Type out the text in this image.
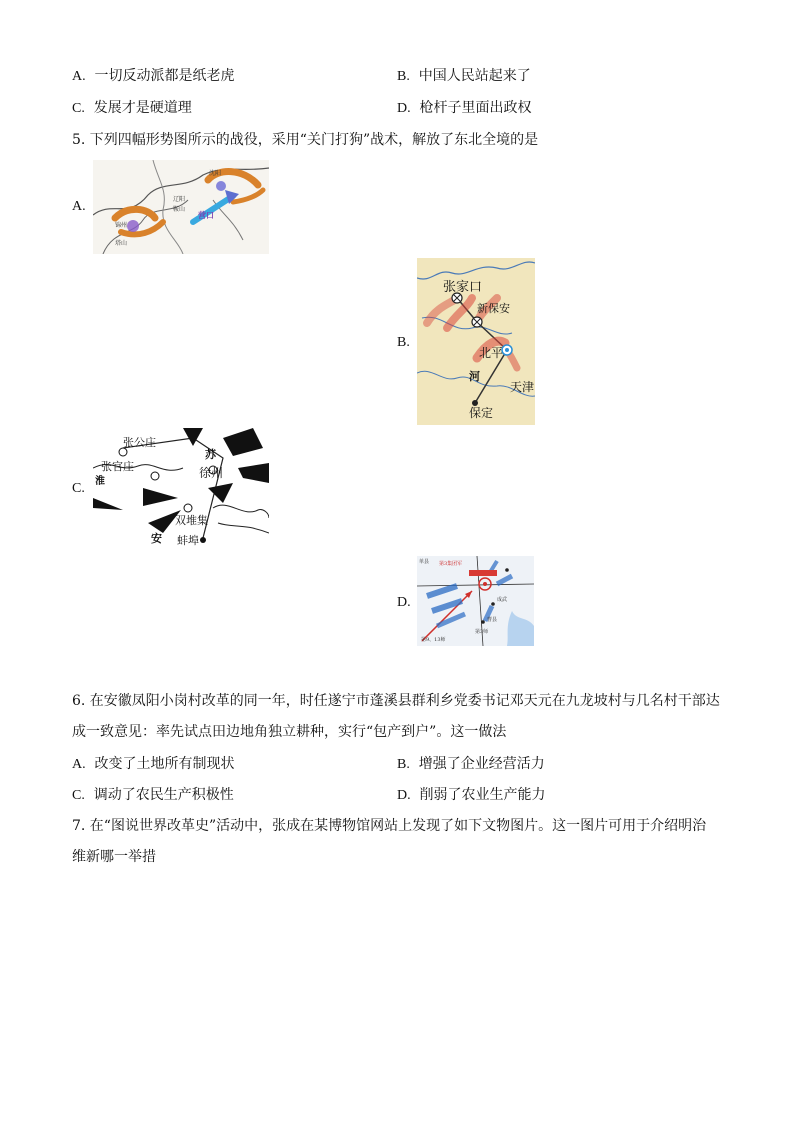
A. 一切反动派都是纸老虎	B. 中国人民站起来了
C. 发展才是硬道理	D. 枪杆子里面出政权
5. 下列四幅形势图所示的战役，采用“关门打狗”战术，解放了东北全境的是
A.
沈阳
锦州
塔山
辽阳
鞍山
营口
B.
张家口
新保安
北平
天津
保定
河
C.
张公庄
张官庄	徐州
双堆集
蚌埠
安
苏
淮
D.
单县 第3集团军
成武
曹县
第3师
第9、13师
6. 在安徽凤阳小岗村改革的同一年，时任遂宁市蓬溪县群利乡党委书记邓天元在九龙坡村与几名村干部达
成一致意见：率先试点田边地角独立耕种，实行“包产到户”。这一做法
A. 改变了土地所有制现状	B. 增强了企业经营活力
C. 调动了农民生产积极性	D. 削弱了农业生产能力
7. 在“图说世界改革史”活动中，张成在某博物馆网站上发现了如下文物图片。这一图片可用于介绍明治
维新哪一举措
